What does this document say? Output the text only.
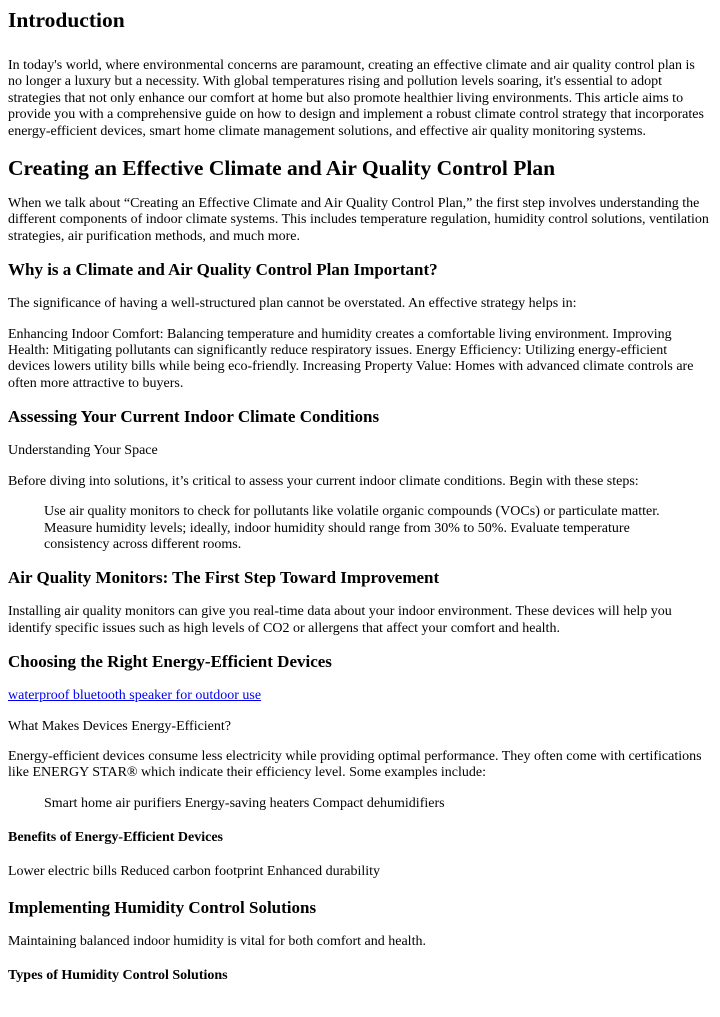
Introduction

In today's world, where environmental concerns are paramount, creating an effective climate and air quality control plan is no longer a luxury but a necessity. With global temperatures rising and pollution levels soaring, it's essential to adopt strategies that not only enhance our comfort at home but also promote healthier living environments. This article aims to provide you with a comprehensive guide on how to design and implement a robust climate control strategy that incorporates energy-efficient devices, smart home climate management solutions, and effective air quality monitoring systems.

Creating an Effective Climate and Air Quality Control Plan

When we talk about “Creating an Effective Climate and Air Quality Control Plan,” the first step involves understanding the different components of indoor climate systems. This includes temperature regulation, humidity control solutions, ventilation strategies, air purification methods, and much more.

Why is a Climate and Air Quality Control Plan Important?

The significance of having a well-structured plan cannot be overstated. An effective strategy helps in:

Enhancing Indoor Comfort: Balancing temperature and humidity creates a comfortable living environment. Improving Health: Mitigating pollutants can significantly reduce respiratory issues. Energy Efficiency: Utilizing energy-efficient devices lowers utility bills while being eco-friendly. Increasing Property Value: Homes with advanced climate controls are often more attractive to buyers.

Assessing Your Current Indoor Climate Conditions

Understanding Your Space

Before diving into solutions, it’s critical to assess your current indoor climate conditions. Begin with these steps:

Use air quality monitors to check for pollutants like volatile organic compounds (VOCs) or particulate matter. Measure humidity levels; ideally, indoor humidity should range from 30% to 50%. Evaluate temperature consistency across different rooms.

Air Quality Monitors: The First Step Toward Improvement

Installing air quality monitors can give you real-time data about your indoor environment. These devices will help you identify specific issues such as high levels of CO2 or allergens that affect your comfort and health.

Choosing the Right Energy-Efficient Devices

waterproof bluetooth speaker for outdoor use

What Makes Devices Energy-Efficient?

Energy-efficient devices consume less electricity while providing optimal performance. They often come with certifications like ENERGY STAR® which indicate their efficiency level. Some examples include:

Smart home air purifiers Energy-saving heaters Compact dehumidifiers

Benefits of Energy-Efficient Devices

Lower electric bills Reduced carbon footprint Enhanced durability

Implementing Humidity Control Solutions

Maintaining balanced indoor humidity is vital for both comfort and health.

Types of Humidity Control Solutions
